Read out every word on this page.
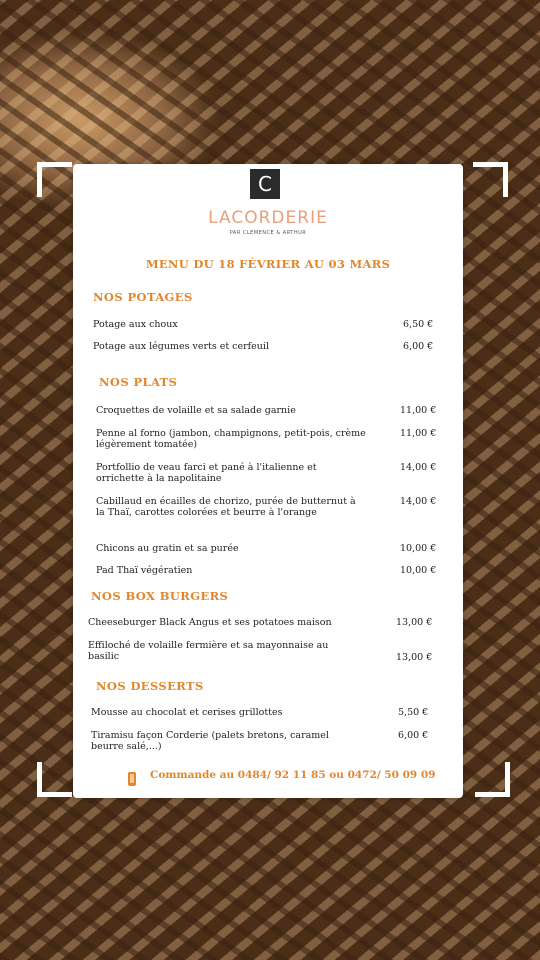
C
LACORDERIE
PAR CLEMENCE & ARTHUR
MENU DU 18 FÉVRIER AU 03 MARS
NOS POTAGES
Potage aux choux	6,50 €
Potage aux légumes verts et cerfeuil	6,00 €
NOS PLATS
Croquettes de volaille et sa salade garnie	11,00 €
Penne al forno (jambon, champignons, petit-pois, crème légèrement tomatée)
11,00 €
Portfollio de veau farci et pané à l'italienne et orrichette à la napolitaine
14,00 €
Cabillaud en écailles de chorizo, purée de butternut à la Thaï, carottes colorées et beurre à l'orange
14,00 €
Chicons au gratin et sa purée	10,00 €
Pad Thaï végératien	10,00 €
NOS BOX BURGERS
Cheeseburger Black Angus et ses potatoes maison	13,00 €
Effiloché de volaille fermière et sa mayonnaise au basilic	13,00 €
NOS DESSERTS
Mousse au chocolat et cerises grillottes	5,50 €
Tiramisu façon Corderie (palets bretons, caramel beurre salé,...)
6,00 €
Commande au 0484/ 92 11 85 ou 0472/ 50 09 09
